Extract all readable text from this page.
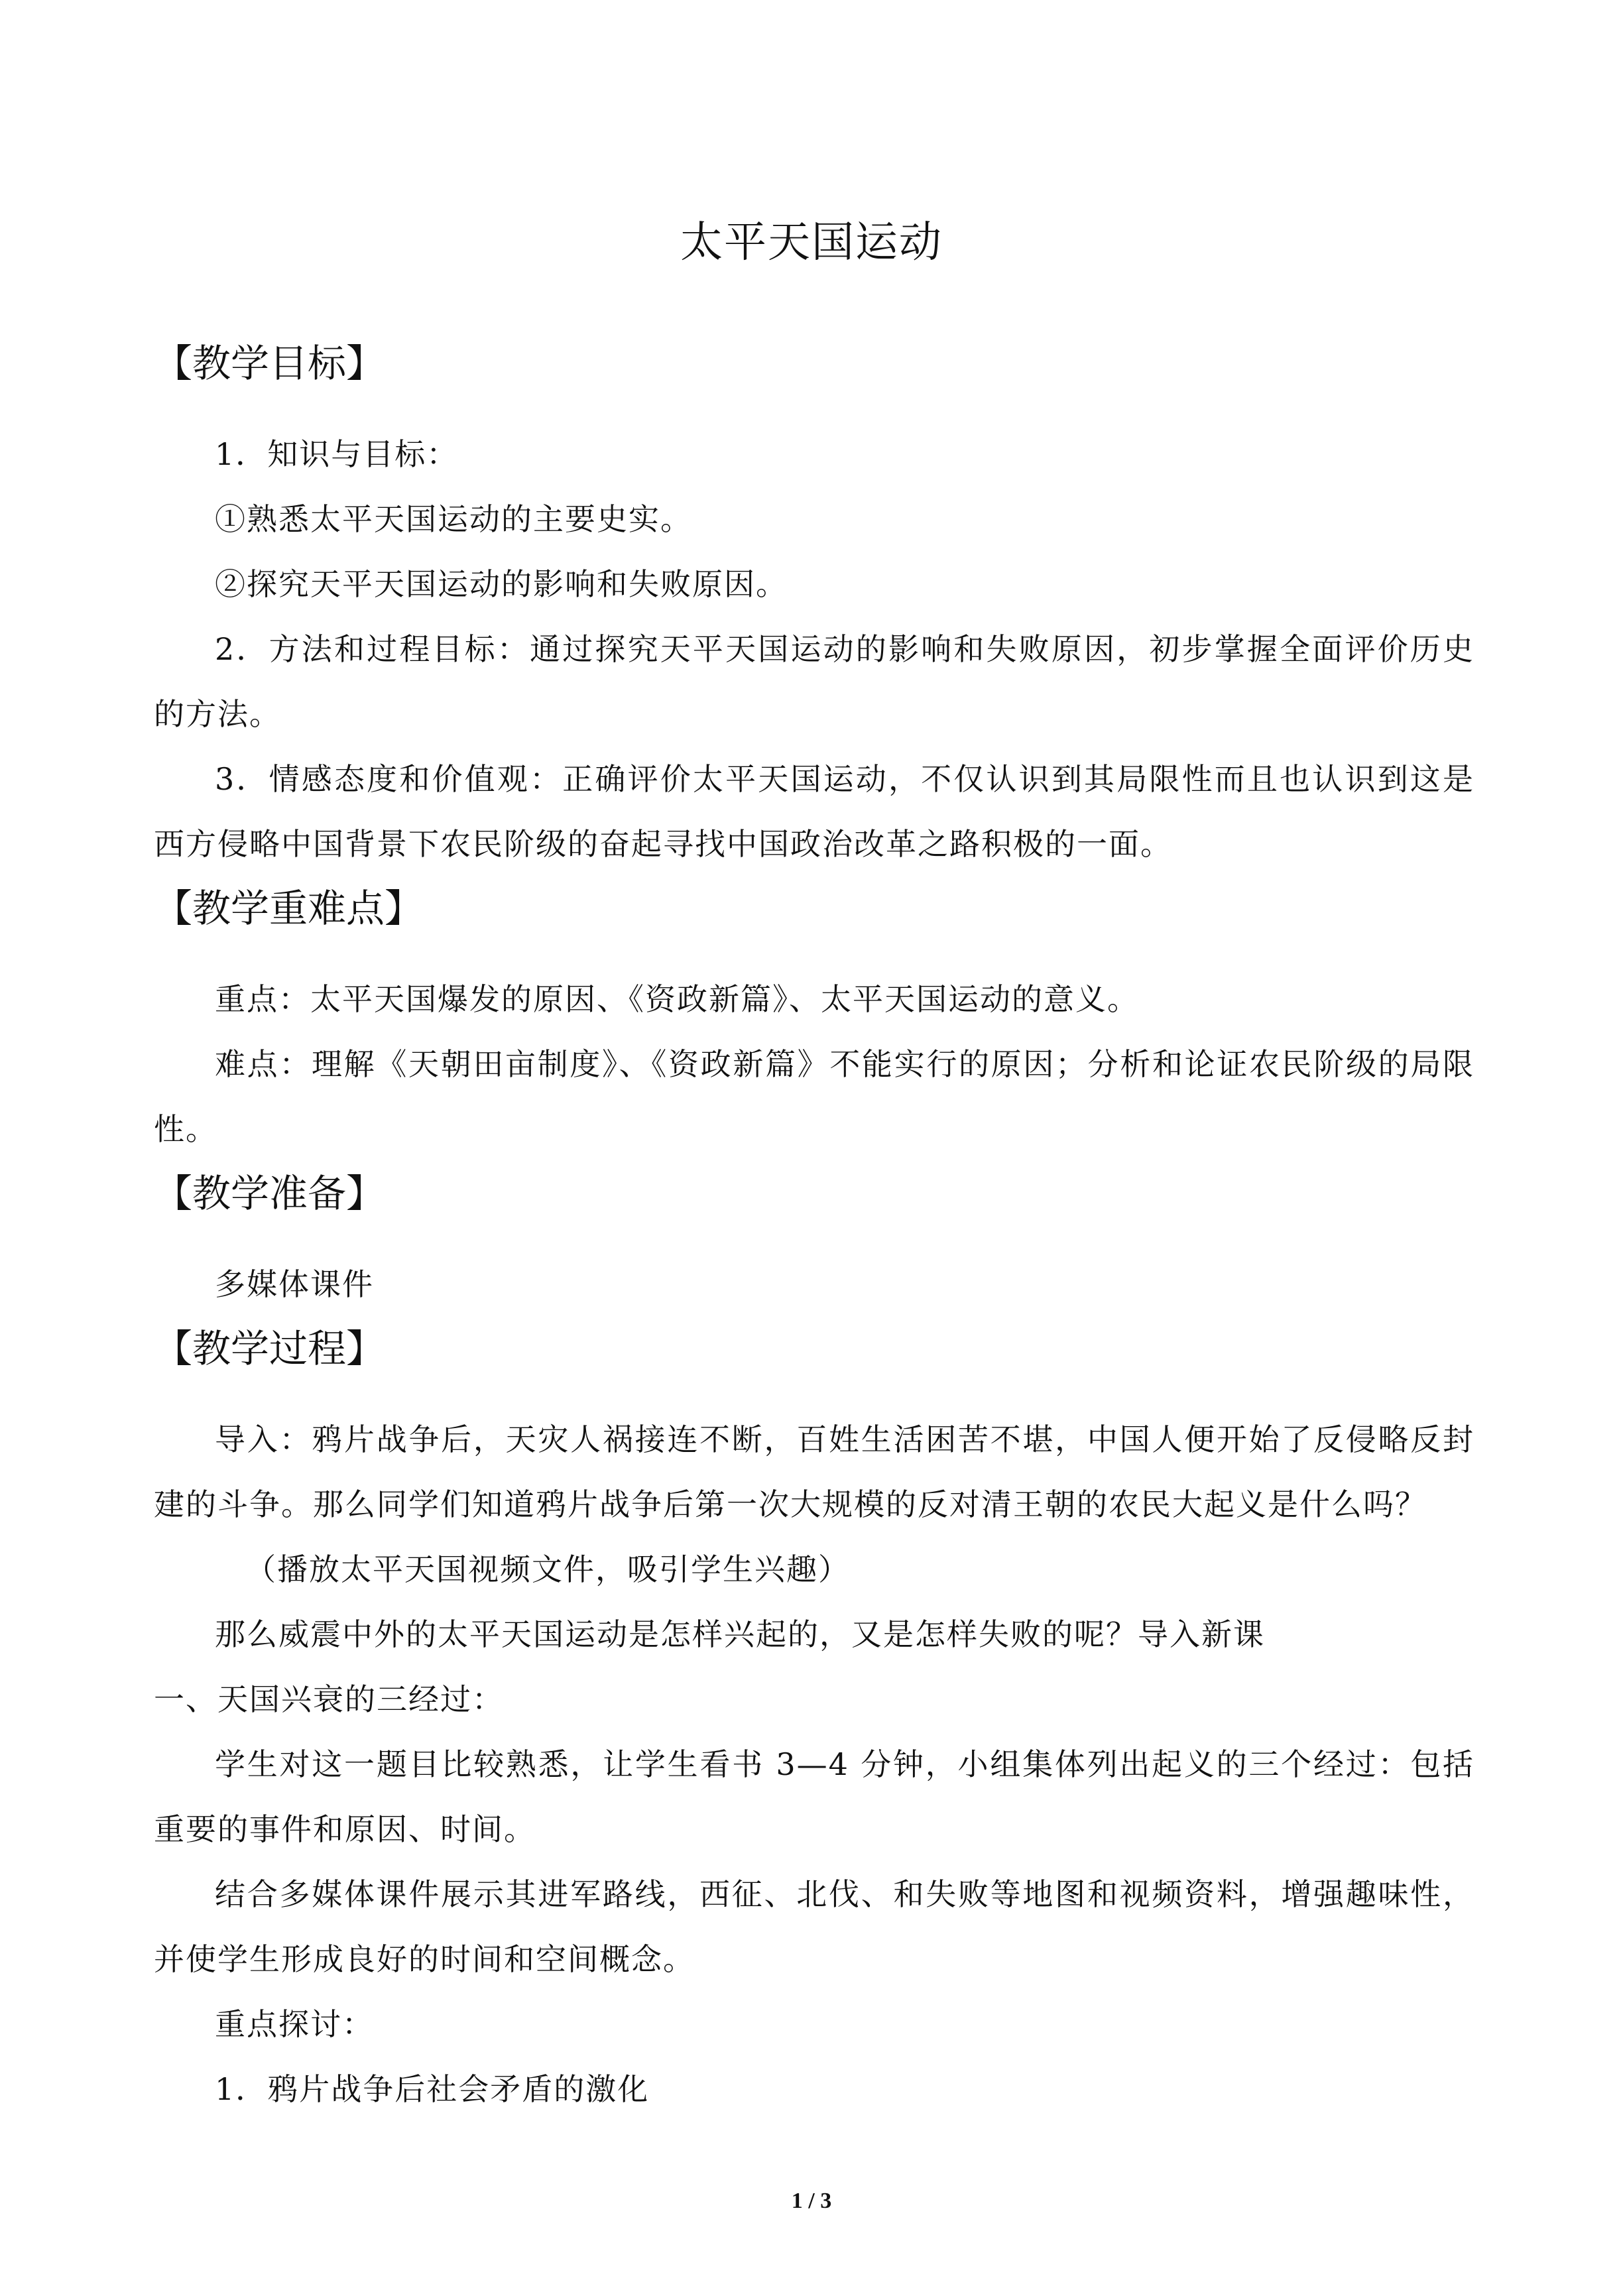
太平天国运动
【教学目标】

1．知识与目标：

①熟悉太平天国运动的主要史实。

②探究天平天国运动的影响和失败原因。

2．方法和过程目标：通过探究天平天国运动的影响和失败原因，初步掌握全面评价历史的方法。

3．情感态度和价值观：正确评价太平天国运动，不仅认识到其局限性而且也认识到这是西方侵略中国背景下农民阶级的奋起寻找中国政治改革之路积极的一面。

【教学重难点】

重点：太平天国爆发的原因、《资政新篇》、太平天国运动的意义。

难点：理解《天朝田亩制度》、《资政新篇》不能实行的原因；分析和论证农民阶级的局限性。

【教学准备】

多媒体课件

【教学过程】

导入：鸦片战争后，天灾人祸接连不断，百姓生活困苦不堪，中国人便开始了反侵略反封建的斗争。那么同学们知道鸦片战争后第一次大规模的反对清王朝的农民大起义是什么吗？

（播放太平天国视频文件，吸引学生兴趣）

那么威震中外的太平天国运动是怎样兴起的，又是怎样失败的呢？导入新课

一、天国兴衰的三经过：

学生对这一题目比较熟悉，让学生看书 3—4 分钟，小组集体列出起义的三个经过：包括重要的事件和原因、时间。

结合多媒体课件展示其进军路线，西征、北伐、和失败等地图和视频资料，增强趣味性，并使学生形成良好的时间和空间概念。

重点探讨：

1．鸦片战争后社会矛盾的激化

1 / 3
